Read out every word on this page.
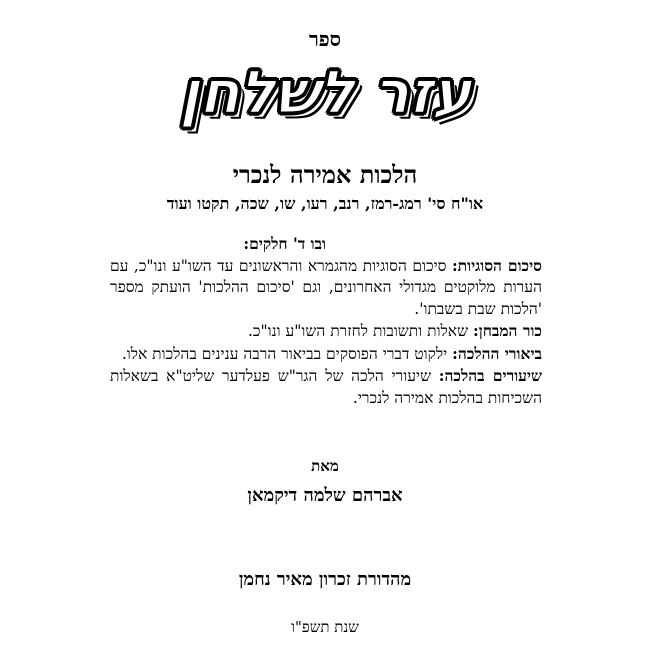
ספר
עזר לשלחן
הלכות אמירה לנכרי
או"ח סי' רמג-רמז, רנב, רעו, שו, שכה, תקטו ועוד

ובו ד' חלקים:

סיכום הסוגיות: סיכום הסוגיות מהגמרא והראשונים עד השו"ע ונו"כ, עם הערות מלוקטים מגדולי האחרונים, וגם 'סיכום ההלכות' הועתק מספר 'הלכות שבת בשבתו'.

כור המבחן: שאלות ותשובות לחזרת השו"ע ונו"כ.

ביאורי ההלכה: ילקוט דברי הפוסקים בביאור הרבה ענינים בהלכות אלו.

שיעורים בהלכה: שיעורי הלכה של הגר"ש פעלדער שליט"א בשאלות השכיחות בהלכות אמירה לנכרי.

מאת
אברהם שלמה דיקמאן
מהדורת זכרון מאיר נחמן
שנת תשפ"ו
